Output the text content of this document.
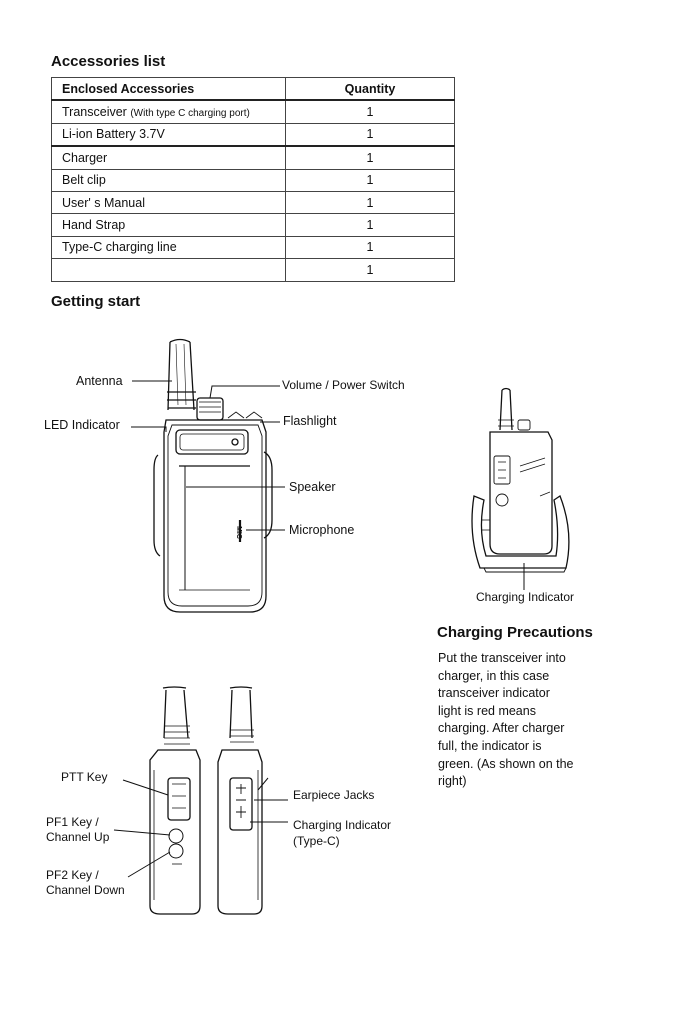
Accessories list
Enclosed Accessories	Quantity
Transceiver (With type C charging port)	1
Li-ion Battery 3.7V	1
Charger	1
Belt clip	1
User' s Manual	1
Hand Strap	1
Type-C charging line	1
	1
Getting start
Antenna	Volume / Power Switch
LED Indicator	Flashlight
Speaker
Microphone
MIC
Charging Indicator
Charging Precautions
Put the transceiver into
charger, in this case
transceiver indicator
light is red means
charging. After charger
full, the indicator is
green. (As shown on the
right)
PTT Key
PF1 Key /
Channel Up
PF2 Key /
Channel Down
Earpiece Jacks
Charging Indicator
(Type-C)
